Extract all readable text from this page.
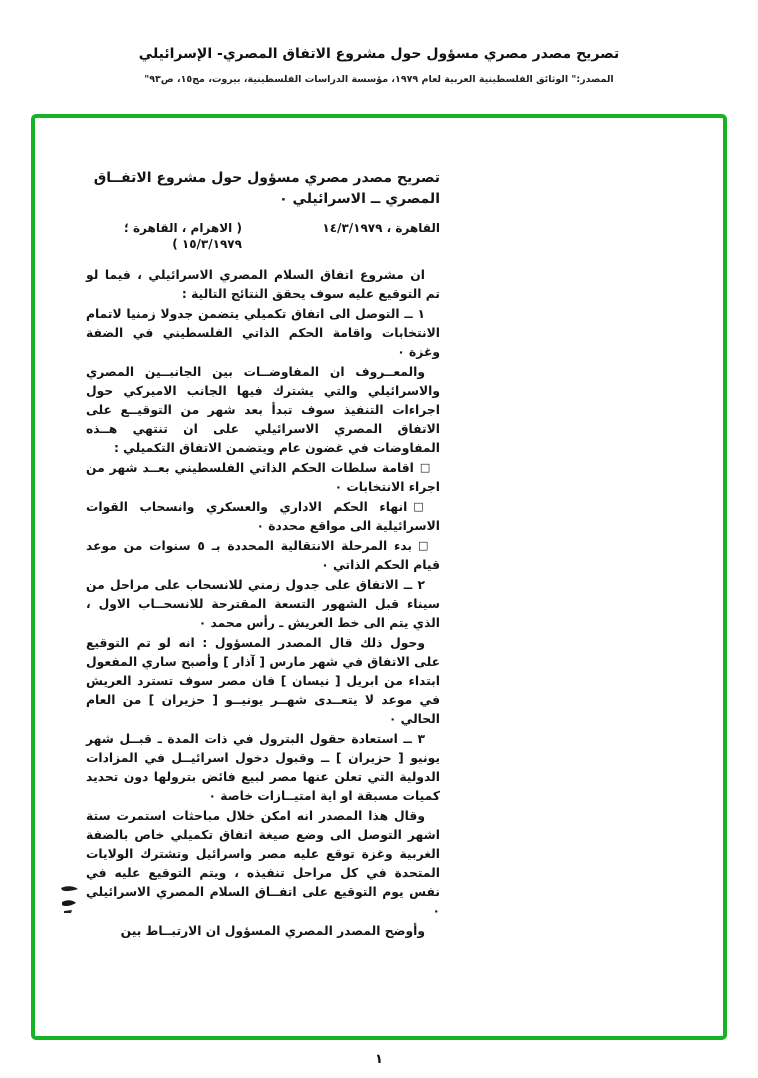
تصريح مصدر مصري مسؤول حول مشروع الاتفاق المصري- الإسرائيلي
المصدر:" الوثائق الفلسطينية العربية لعام ١٩٧٩، مؤسسة الدراسات الفلسطينية، بيروت، مج١٥، ص٩٣"
تصريح مصدر مصري مسؤول حول مشروع الاتفــاق
المصري ــ الاسرائيلي ٠
القاهرة ، ١٤/٣/١٩٧٩
( الاهرام ، القاهرة ؛
١٥/٣/١٩٧٩ )
ان مشروع اتفاق السلام المصري الاسرائيلي ، فيما لو تم التوقيع عليه سوف يحقق النتائج التالية :
١ ــ التوصل الى اتفاق تكميلي يتضمن جدولا زمنيا لاتمام الانتخابات واقامة الحكم الذاتي الفلسطيني في الضفة وغزة ٠
والمعــروف ان المفاوضــات بين الجانبــين المصري والاسرائيلي والتي يشترك فيها الجانب الاميركي حول اجراءات التنفيذ سوف تبدأ بعد شهر من التوقيــع على الاتفاق المصري الاسرائيلي على ان تنتهي هــذه المفاوضات في غضون عام ويتضمن الاتفاق التكميلي :
□اقامة سلطات الحكم الذاتي الفلسطيني بعــد شهر من اجراء الانتخابات ٠
□انهاء الحكم الاداري والعسكري وانسحاب القوات الاسرائيلية الى مواقع محددة ٠
□بدء المرحلة الانتقالية المحددة بـ ٥ سنوات من موعد قيام الحكم الذاتي ٠
٢ ــ الاتفاق على جدول زمني للانسحاب على مراحل من سيناء قبل الشهور التسعة المقترحة للانسحــاب الاول ، الذي يتم الى خط العريش ـ رأس محمد ٠
وحول ذلك قال المصدر المسؤول : انه لو تم التوقيع على الاتفاق في شهر مارس [ آذار ] وأصبح ساري المفعول ابتداء من ابريل [ نيسان ] فان مصر سوف تسترد العريش في موعد لا يتعــدى شهــر يونيــو [ حزيران ] من العام الحالي ٠
٣ ــ استعادة حقول البترول في ذات المدة ـ قبــل شهر يونيو [ حزيران ] ــ وقبول دخول اسرائيــل في المزادات الدولية التي تعلن عنها مصر لبيع فائض بترولها دون تحديد كميات مسبقة او اية امتيــازات خاصة ٠
وقال هذا المصدر انه امكن خلال مباحثات استمرت ستة اشهر التوصل الى وضع صيغة اتفاق تكميلي خاص بالضفة الغربية وغزة توقع عليه مصر واسرائيل وتشترك الولايات المتحدة في كل مراحل تنفيذه ، ويتم التوقيع عليه في نفس يوم التوقيع على اتفــاق السلام المصري الاسرائيلي ٠
وأوضح المصدر المصري المسؤول ان الارتبــاط بين
١
